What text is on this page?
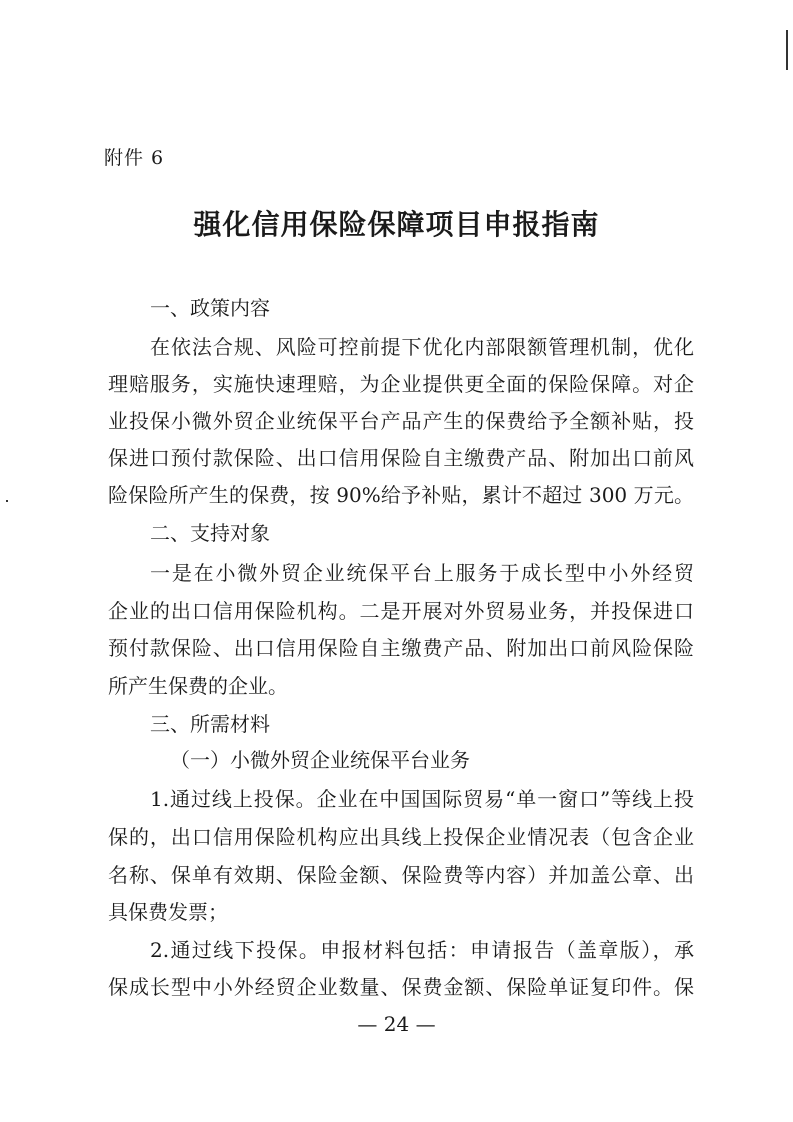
附件 6
强化信用保险保障项目申报指南
一、政策内容
在依法合规、风险可控前提下优化内部限额管理机制，优化
理赔服务，实施快速理赔，为企业提供更全面的保险保障。对企
业投保小微外贸企业统保平台产品产生的保费给予全额补贴，投
保进口预付款保险、出口信用保险自主缴费产品、附加出口前风
险保险所产生的保费，按 90%给予补贴，累计不超过 300 万元。
二、支持对象
一是在小微外贸企业统保平台上服务于成长型中小外经贸
企业的出口信用保险机构。二是开展对外贸易业务，并投保进口
预付款保险、出口信用保险自主缴费产品、附加出口前风险保险
所产生保费的企业。
三、所需材料
（一）小微外贸企业统保平台业务
1.通过线上投保。企业在中国国际贸易“单一窗口”等线上投
保的，出口信用保险机构应出具线上投保企业情况表（包含企业
名称、保单有效期、保险金额、保险费等内容）并加盖公章、出
具保费发票；
2.通过线下投保。申报材料包括：申请报告（盖章版），承
保成长型中小外经贸企业数量、保费金额、保险单证复印件。保
— 24 —
